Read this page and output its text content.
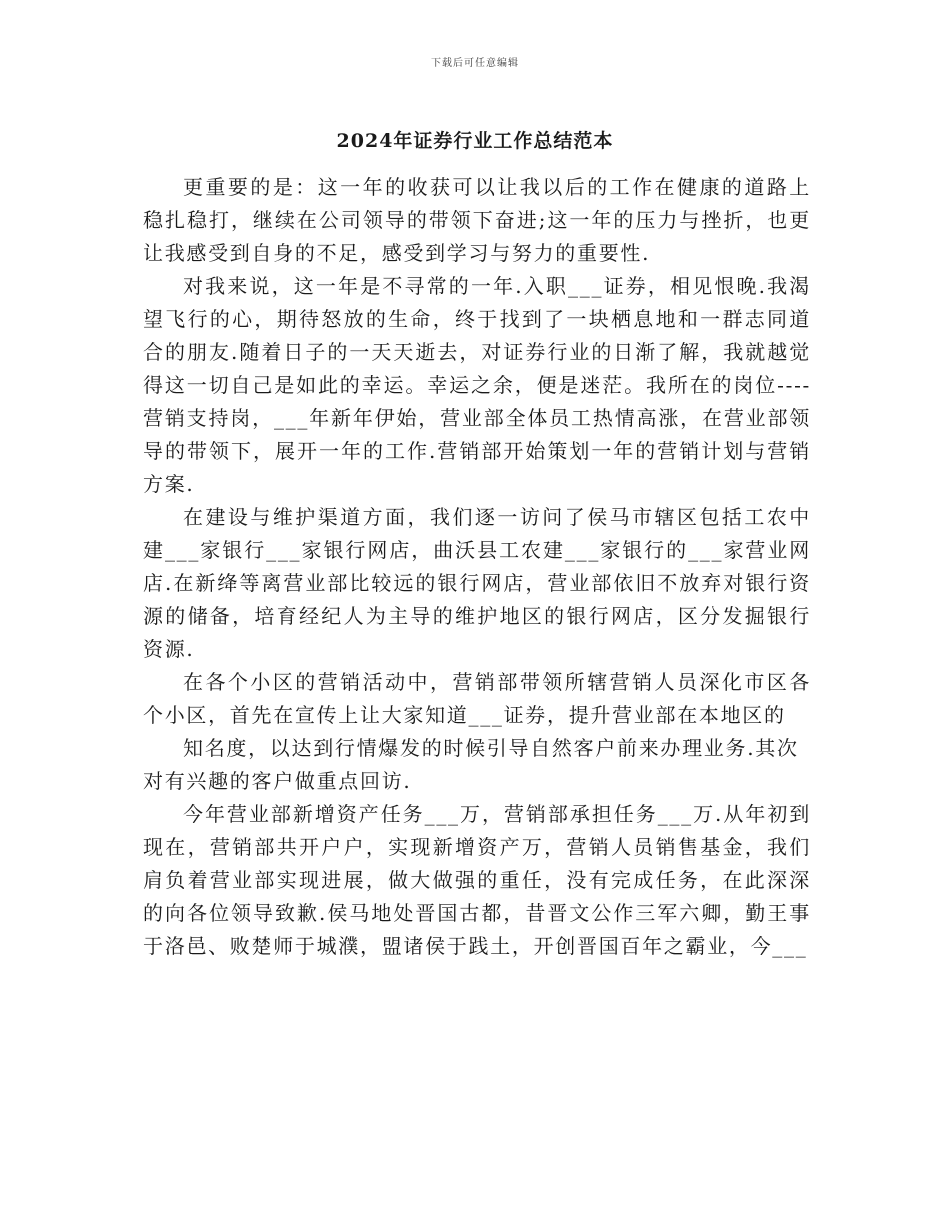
下载后可任意编辑
2024年证券行业工作总结范本

更重要的是：这一年的收获可以让我以后的工作在健康的道路上稳扎稳打，继续在公司领导的带领下奋进;这一年的压力与挫折，也更让我感受到自身的不足，感受到学习与努力的重要性.

对我来说，这一年是不寻常的一年.入职___证券，相见恨晚.我渴望飞行的心，期待怒放的生命，终于找到了一块栖息地和一群志同道合的朋友.随着日子的一天天逝去，对证券行业的日渐了解，我就越觉得这一切自己是如此的幸运。幸运之余，便是迷茫。我所在的岗位----营销支持岗，___年新年伊始，营业部全体员工热情高涨，在营业部领导的带领下，展开一年的工作.营销部开始策划一年的营销计划与营销方案.

在建设与维护渠道方面，我们逐一访问了侯马市辖区包括工农中建___家银行___家银行网店，曲沃县工农建___家银行的___家营业网店.在新绛等离营业部比较远的银行网店，营业部依旧不放弃对银行资源的储备，培育经纪人为主导的维护地区的银行网店，区分发掘银行资源.

在各个小区的营销活动中，营销部带领所辖营销人员深化市区各个小区，首先在宣传上让大家知道___证券，提升营业部在本地区的

知名度，以达到行情爆发的时候引导自然客户前来办理业务.其次

对有兴趣的客户做重点回访.

今年营业部新增资产任务___万，营销部承担任务___万.从年初到现在，营销部共开户户，实现新增资产万，营销人员销售基金，我们肩负着营业部实现进展，做大做强的重任，没有完成任务，在此深深的向各位领导致歉.侯马地处晋国古都，昔晋文公作三军六卿，勤王事于洛邑、败楚师于城濮，盟诸侯于践土，开创晋国百年之霸业，今___
